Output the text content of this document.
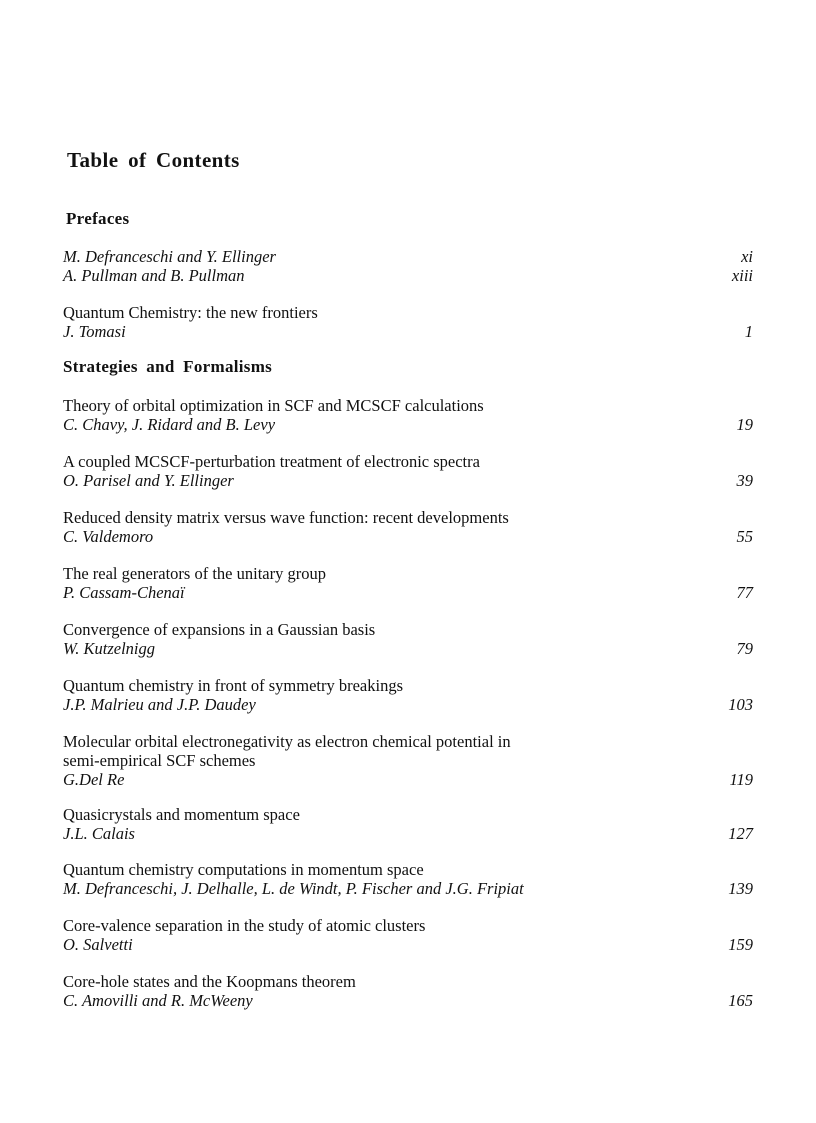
Table of Contents
Prefaces
M. Defranceschi and Y. Ellinger	xi
A. Pullman and B. Pullman	xiii
Quantum Chemistry: the new frontiers
J. Tomasi	1
Strategies and Formalisms
Theory of orbital optimization in SCF and MCSCF calculations
C. Chavy, J. Ridard and B. Levy	19
A coupled MCSCF-perturbation treatment of electronic spectra
O. Parisel and Y. Ellinger	39
Reduced density matrix versus wave function: recent developments
C. Valdemoro	55
The real generators of the unitary group
P. Cassam-Chenaï	77
Convergence of expansions in a Gaussian basis
W. Kutzelnigg	79
Quantum chemistry in front of symmetry breakings
J.P. Malrieu and J.P. Daudey	103
Molecular orbital electronegativity as electron chemical potential in
semi-empirical SCF schemes
G.Del Re	119
Quasicrystals and momentum space
J.L. Calais	127
Quantum chemistry computations in momentum space
M. Defranceschi, J. Delhalle, L. de Windt, P. Fischer and J.G. Fripiat	139
Core-valence separation in the study of atomic clusters
O. Salvetti	159
Core-hole states and the Koopmans theorem
C. Amovilli and R. McWeeny	165
